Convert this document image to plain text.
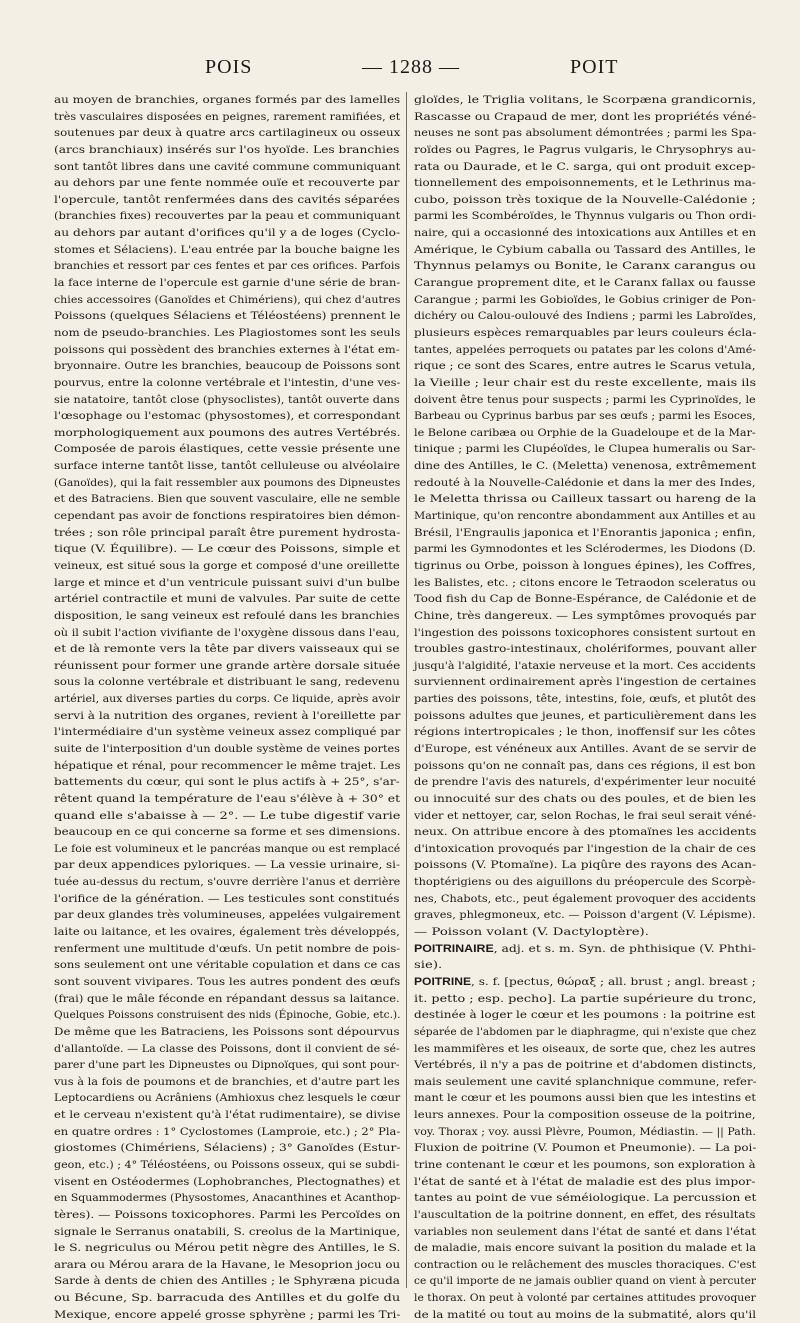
POIS	— 1288 —	POIT
au moyen de branchies, organes formés par des lamelles
très vasculaires disposées en peignes, rarement ramifiées, et
soutenues par deux à quatre arcs cartilagineux ou osseux
(arcs branchiaux) insérés sur l'os hyoïde. Les branchies
sont tantôt libres dans une cavité commune communiquant
au dehors par une fente nommée ouïe et recouverte par
l'opercule, tantôt renfermées dans des cavités séparées
(branchies fixes) recouvertes par la peau et communiquant
au dehors par autant d'orifices qu'il y a de loges (Cyclo-
stomes et Sélaciens). L'eau entrée par la bouche baigne les
branchies et ressort par ces fentes et par ces orifices. Parfois
la face interne de l'opercule est garnie d'une série de bran-
chies accessoires (Ganoïdes et Chimériens), qui chez d'autres
Poissons (quelques Sélaciens et Téléostéens) prennent le
nom de pseudo-branchies. Les Plagiostomes sont les seuls
poissons qui possèdent des branchies externes à l'état em-
bryonnaire. Outre les branchies, beaucoup de Poissons sont
pourvus, entre la colonne vertébrale et l'intestin, d'une ves-
sie natatoire, tantôt close (physoclistes), tantôt ouverte dans
l'œsophage ou l'estomac (physostomes), et correspondant
morphologiquement aux poumons des autres Vertébrés.
Composée de parois élastiques, cette vessie présente une
surface interne tantôt lisse, tantôt celluleuse ou alvéolaire
(Ganoïdes), qui la fait ressembler aux poumons des Dipneustes
et des Batraciens. Bien que souvent vasculaire, elle ne semble
cependant pas avoir de fonctions respiratoires bien démon-
trées ; son rôle principal paraît être purement hydrosta-
tique (V. Équilibre). — Le cœur des Poissons, simple et
veineux, est situé sous la gorge et composé d'une oreillette
large et mince et d'un ventricule puissant suivi d'un bulbe
artériel contractile et muni de valvules. Par suite de cette
disposition, le sang veineux est refoulé dans les branchies
où il subit l'action vivifiante de l'oxygène dissous dans l'eau,
et de là remonte vers la tête par divers vaisseaux qui se
réunissent pour former une grande artère dorsale située
sous la colonne vertébrale et distribuant le sang, redevenu
artériel, aux diverses parties du corps. Ce liquide, après avoir
servi à la nutrition des organes, revient à l'oreillette par
l'intermédiaire d'un système veineux assez compliqué par
suite de l'interposition d'un double système de veines portes
hépatique et rénal, pour recommencer le même trajet. Les
battements du cœur, qui sont le plus actifs à + 25°, s'ar-
rêtent quand la température de l'eau s'élève à + 30° et
quand elle s'abaisse à — 2°. — Le tube digestif varie
beaucoup en ce qui concerne sa forme et ses dimensions.
Le foie est volumineux et le pancréas manque ou est remplacé
par deux appendices pyloriques. — La vessie urinaire, si-
tuée au-dessus du rectum, s'ouvre derrière l'anus et derrière
l'orifice de la génération. — Les testicules sont constitués
par deux glandes très volumineuses, appelées vulgairement
laite ou laitance, et les ovaires, également très développés,
renferment une multitude d'œufs. Un petit nombre de pois-
sons seulement ont une véritable copulation et dans ce cas
sont souvent vivipares. Tous les autres pondent des œufs
(frai) que le mâle féconde en répandant dessus sa laitance.
Quelques Poissons construisent des nids (Épinoche, Gobie, etc.).
De même que les Batraciens, les Poissons sont dépourvus
d'allantoïde. — La classe des Poissons, dont il convient de sé-
parer d'une part les Dipneustes ou Dipnoïques, qui sont pour-
vus à la fois de poumons et de branchies, et d'autre part les
Leptocardiens ou Acrâniens (Amhioxus chez lesquels le cœur
et le cerveau n'existent qu'à l'état rudimentaire), se divise
en quatre ordres : 1° Cyclostomes (Lamproie, etc.) ; 2° Pla-
giostomes (Chimériens, Sélaciens) ; 3° Ganoïdes (Estur-
geon, etc.) ; 4° Téléostéens, ou Poissons osseux, qui se subdi-
visent en Ostéodermes (Lophobranches, Plectognathes) et
en Squammodermes (Physostomes, Anacanthines et Acanthop-
tères). — Poissons toxicophores. Parmi les Percoïdes on
signale le Serranus onatabili, S. creolus de la Martinique,
le S. negriculus ou Mérou petit nègre des Antilles, le S.
arara ou Mérou arara de la Havane, le Mesoprion jocu ou
Sarde à dents de chien des Antilles ; le Sphyræna picuda
ou Bécune, Sp. barracuda des Antilles et du golfe du
Mexique, encore appelé grosse sphyrène ; parmi les Tri-
gloïdes, le Triglia volitans, le Scorpæna grandicornis,
Rascasse ou Crapaud de mer, dont les propriétés véné-
neuses ne sont pas absolument démontrées ; parmi les Spa-
roïdes ou Pagres, le Pagrus vulgaris, le Chrysophrys au-
rata ou Daurade, et le C. sarga, qui ont produit excep-
tionnellement des empoisonnements, et le Lethrinus ma-
cubo, poisson très toxique de la Nouvelle-Calédonie ;
parmi les Scombéroïdes, le Thynnus vulgaris ou Thon ordi-
naire, qui a occasionné des intoxications aux Antilles et en
Amérique, le Cybium caballa ou Tassard des Antilles, le
Thynnus pelamys ou Bonite, le Caranx carangus ou
Carangue proprement dite, et le Caranx fallax ou fausse
Carangue ; parmi les Gobioïdes, le Gobius criniger de Pon-
dichéry ou Calou-oulouvé des Indiens ; parmi les Labroïdes,
plusieurs espèces remarquables par leurs couleurs écla-
tantes, appelées perroquets ou patates par les colons d'Amé-
rique ; ce sont des Scares, entre autres le Scarus vetula,
la Vieille ; leur chair est du reste excellente, mais ils
doivent être tenus pour suspects ; parmi les Cyprinoïdes, le
Barbeau ou Cyprinus barbus par ses œufs ; parmi les Esoces,
le Belone caribæa ou Orphie de la Guadeloupe et de la Mar-
tinique ; parmi les Clupéoïdes, le Clupea humeralis ou Sar-
dine des Antilles, le C. (Meletta) venenosa, extrêmement
redouté à la Nouvelle-Calédonie et dans la mer des Indes,
le Meletta thrissa ou Cailleux tassart ou hareng de la
Martinique, qu'on rencontre abondamment aux Antilles et au
Brésil, l'Engraulis japonica et l'Enorantis japonica ; enfin,
parmi les Gymnodontes et les Sclérodermes, les Diodons (D.
tigrinus ou Orbe, poisson à longues épines), les Coffres,
les Balistes, etc. ; citons encore le Tetraodon sceleratus ou
Tood fish du Cap de Bonne-Espérance, de Calédonie et de
Chine, très dangereux. — Les symptômes provoqués par
l'ingestion des poissons toxicophores consistent surtout en
troubles gastro-intestinaux, cholériformes, pouvant aller
jusqu'à l'algidité, l'ataxie nerveuse et la mort. Ces accidents
surviennent ordinairement après l'ingestion de certaines
parties des poissons, tête, intestins, foie, œufs, et plutôt des
poissons adultes que jeunes, et particulièrement dans les
régions intertropicales ; le thon, inoffensif sur les côtes
d'Europe, est vénéneux aux Antilles. Avant de se servir de
poissons qu'on ne connaît pas, dans ces régions, il est bon
de prendre l'avis des naturels, d'expérimenter leur nocuité
ou innocuité sur des chats ou des poules, et de bien les
vider et nettoyer, car, selon Rochas, le frai seul serait véné-
neux. On attribue encore à des ptomaïnes les accidents
d'intoxication provoqués par l'ingestion de la chair de ces
poissons (V. Ptomaïne). La piqûre des rayons des Acan-
thoptérigiens ou des aiguillons du préopercule des Scorpè-
nes, Chabots, etc., peut également provoquer des accidents
graves, phlegmoneux, etc. — Poisson d'argent (V. Lépisme).
— Poisson volant (V. Dactyloptère).
POITRINAIRE, adj. et s. m. Syn. de phthisique (V. Phthi-
sie).
POITRINE, s. f. [pectus, θώραξ ; all. brust ; angl. breast ;
it. petto ; esp. pecho]. La partie supérieure du tronc,
destinée à loger le cœur et les poumons : la poitrine est
séparée de l'abdomen par le diaphragme, qui n'existe que chez
les mammifères et les oiseaux, de sorte que, chez les autres
Vertébrés, il n'y a pas de poitrine et d'abdomen distincts,
mais seulement une cavité splanchnique commune, refer-
mant le cœur et les poumons aussi bien que les intestins et
leurs annexes. Pour la composition osseuse de la poitrine,
voy. Thorax ; voy. aussi Plèvre, Poumon, Médiastin. — || Path.
Fluxion de poitrine (V. Poumon et Pneumonie). — La poi-
trine contenant le cœur et les poumons, son exploration à
l'état de santé et à l'état de maladie est des plus impor-
tantes au point de vue séméiologique. La percussion et
l'auscultation de la poitrine donnent, en effet, des résultats
variables non seulement dans l'état de santé et dans l'état
de maladie, mais encore suivant la position du malade et la
contraction ou le relâchement des muscles thoraciques. C'est
ce qu'il importe de ne jamais oublier quand on vient à percuter
le thorax. On peut à volonté par certaines attitudes provoquer
de la matité ou tout au moins de la submatité, alors qu'il
